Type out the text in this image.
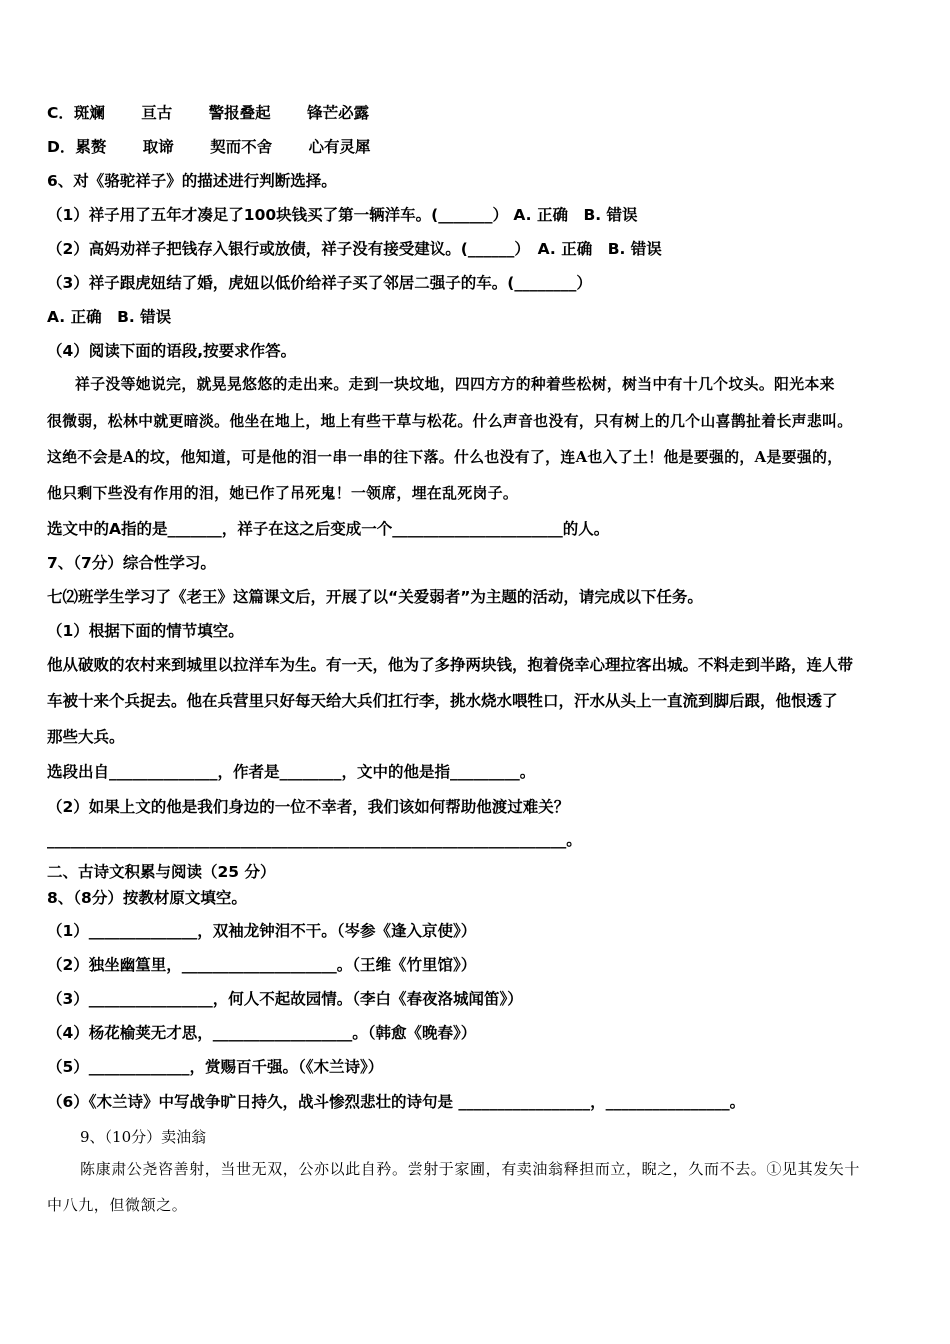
C．斑斓　　 亘古　　 警报叠起　　 锋芒必露
D．累赘　　 取谛　　 契而不舍　　 心有灵犀
6、对《骆驼祥子》的描述进行判断选择。
（1）祥子用了五年才凑足了100块钱买了第一辆洋车。(_______） A. 正确　B. 错误
（2）高妈劝祥子把钱存入银行或放债，祥子没有接受建议。(______）　A. 正确　B. 错误
（3）祥子跟虎妞结了婚，虎妞以低价给祥子买了邻居二强子的车。(________）
A. 正确　B. 错误
（4）阅读下面的语段,按要求作答。
祥子没等她说完，就晃晃悠悠的走出来。走到一块坟地，四四方方的种着些松树，树当中有十几个坟头。阳光本来
很微弱，松林中就更暗淡。他坐在地上，地上有些干草与松花。什么声音也没有，只有树上的几个山喜鹊扯着长声悲叫。
这绝不会是A的坟，他知道，可是他的泪一串一串的往下落。什么也没有了，连A也入了土！他是要强的，A是要强的，
他只剩下些没有作用的泪，她已作了吊死鬼！一领席，埋在乱死岗子。
选文中的A指的是_______，祥子在这之后变成一个______________________的人。
7、（7分）综合性学习。
七⑵班学生学习了《老王》这篇课文后，开展了以“关爱弱者”为主题的活动，请完成以下任务。
（1）根据下面的情节填空。
他从破败的农村来到城里以拉洋车为生。有一天，他为了多挣两块钱，抱着侥幸心理拉客出城。不料走到半路，连人带
车被十来个兵捉去。他在兵营里只好每天给大兵们扛行李，挑水烧水喂牲口，汗水从头上一直流到脚后跟，他恨透了
那些大兵。
选段出自______________，作者是________，文中的他是指_________。
（2）如果上文的他是我们身边的一位不幸者，我们该如何帮助他渡过难关？
___________________________________________________________________。
二、古诗文积累与阅读（25 分）
8、（8分）按教材原文填空。
（1）______________，双袖龙钟泪不干。（岑参《逢入京使》）
（2）独坐幽篁里，____________________。（王维《竹里馆》）
（3）________________，何人不起故园情。（李白《春夜洛城闻笛》）
（4）杨花榆荚无才思，__________________。（韩愈《晚春》）
（5）_____________，赏赐百千强。（《木兰诗》）
（6）《木兰诗》中写战争旷日持久，战斗惨烈悲壮的诗句是 _________________，________________。
9、（10分）卖油翁
陈康肃公尧咨善射，当世无双，公亦以此自矜。尝射于家圃，有卖油翁释担而立，睨之，久而不去。①见其发矢十
中八九，但微颔之。
